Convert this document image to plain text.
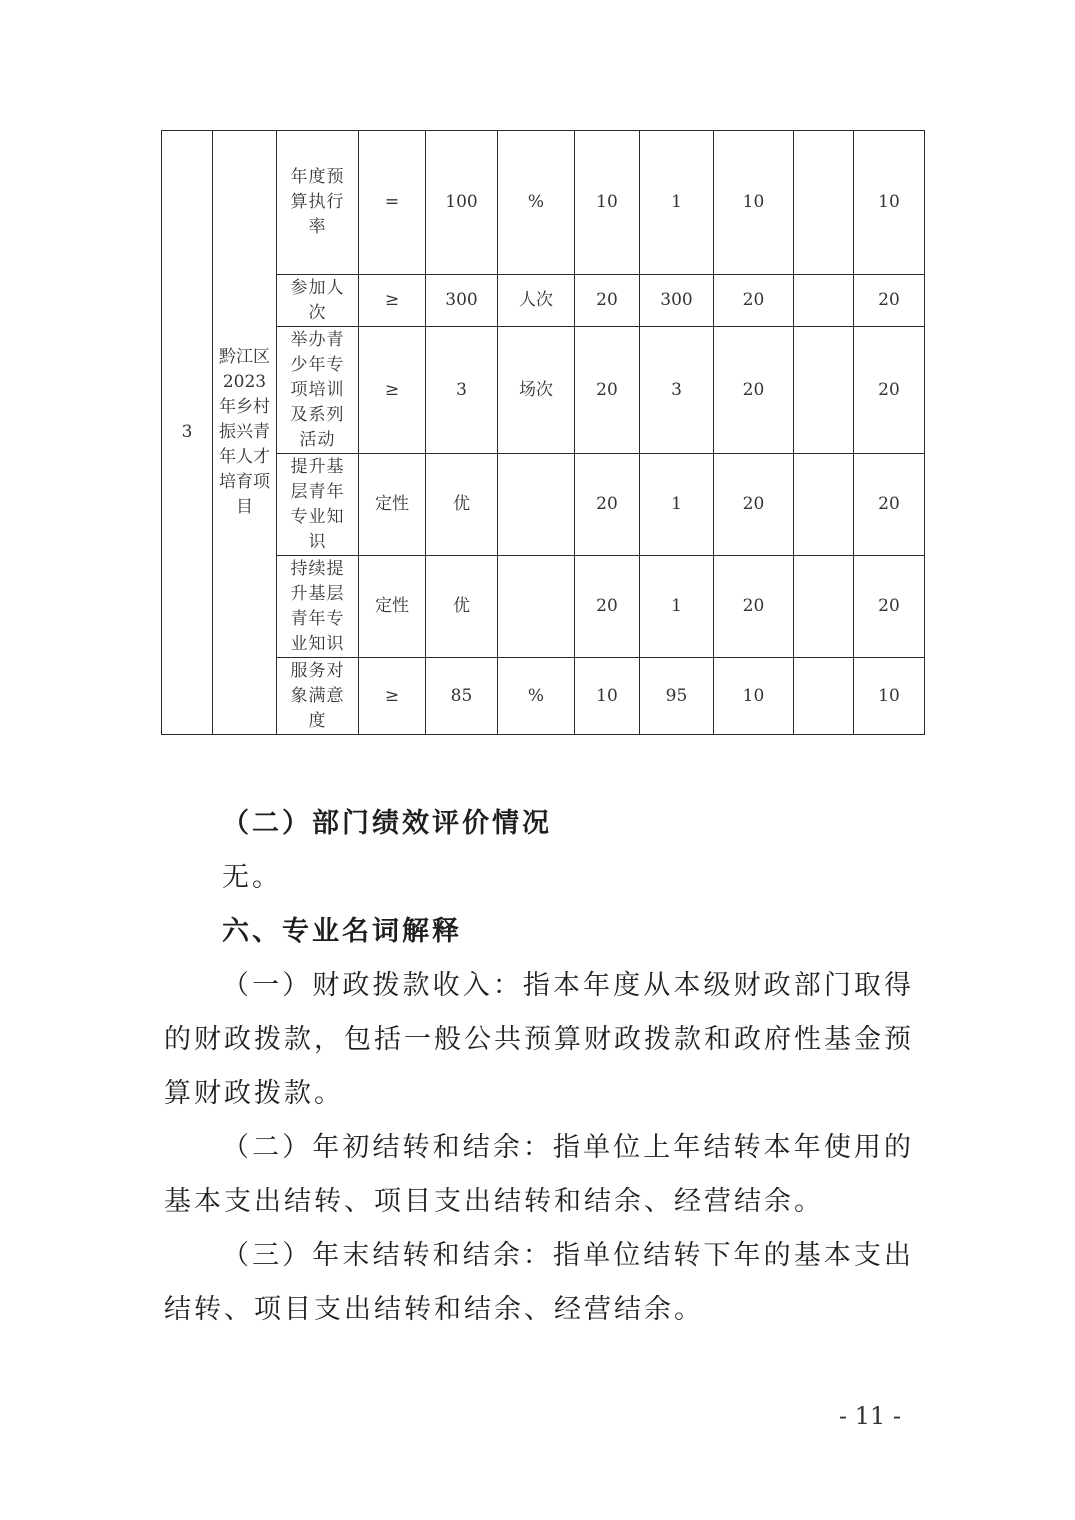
3	黔江区2023年乡村振兴青年人才培育项目	年度预算执行率	=	100	%	10	1	10		10
		参加人次	≥	300	人次	20	300	20		20
		举办青少年专项培训及系列活动	≥	3	场次	20	3	20		20
		提升基层青年专业知识	定性	优		20	1	20		20
		持续提升基层青年专业知识	定性	优		20	1	20		20
		服务对象满意度	≥	85	%	10	95	10		10
（二）部门绩效评价情况
无。
六、专业名词解释
（一）财政拨款收入：指本年度从本级财政部门取得的财政拨款，包括一般公共预算财政拨款和政府性基金预算财政拨款。
（二）年初结转和结余：指单位上年结转本年使用的基本支出结转、项目支出结转和结余、经营结余。
（三）年末结转和结余：指单位结转下年的基本支出结转、项目支出结转和结余、经营结余。
- 11 -
